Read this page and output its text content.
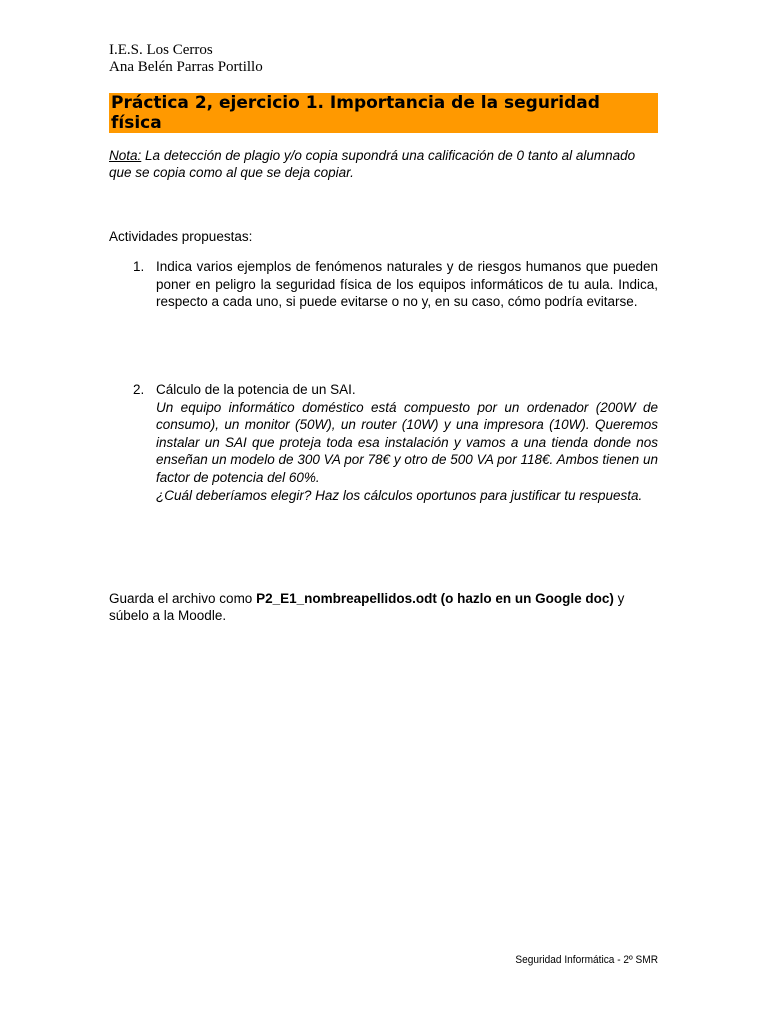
I.E.S. Los Cerros
Ana Belén Parras Portillo
Práctica 2, ejercicio 1. Importancia de la seguridad física
Nota: La detección de plagio y/o copia supondrá una calificación de 0 tanto al alumnado que se copia como al que se deja copiar.
Actividades propuestas:
1. Indica varios ejemplos de fenómenos naturales y de riesgos humanos que pueden poner en peligro la seguridad física de los equipos informáticos de tu aula. Indica, respecto a cada uno, si puede evitarse o no y, en su caso, cómo podría evitarse.

2. Cálculo de la potencia de un SAI.

Un equipo informático doméstico está compuesto por un ordenador (200W de consumo), un monitor (50W), un router (10W) y una impresora (10W). Queremos instalar un SAI que proteja toda esa instalación y vamos a una tienda donde nos enseñan un modelo de 300 VA por 78€ y otro de 500 VA por 118€. Ambos tienen un factor de potencia del 60%.

¿Cuál deberíamos elegir? Haz los cálculos oportunos para justificar tu respuesta.

Guarda el archivo como P2_E1_nombreapellidos.odt (o hazlo en un Google doc) y súbelo a la Moodle.
Seguridad Informática - 2º SMR
